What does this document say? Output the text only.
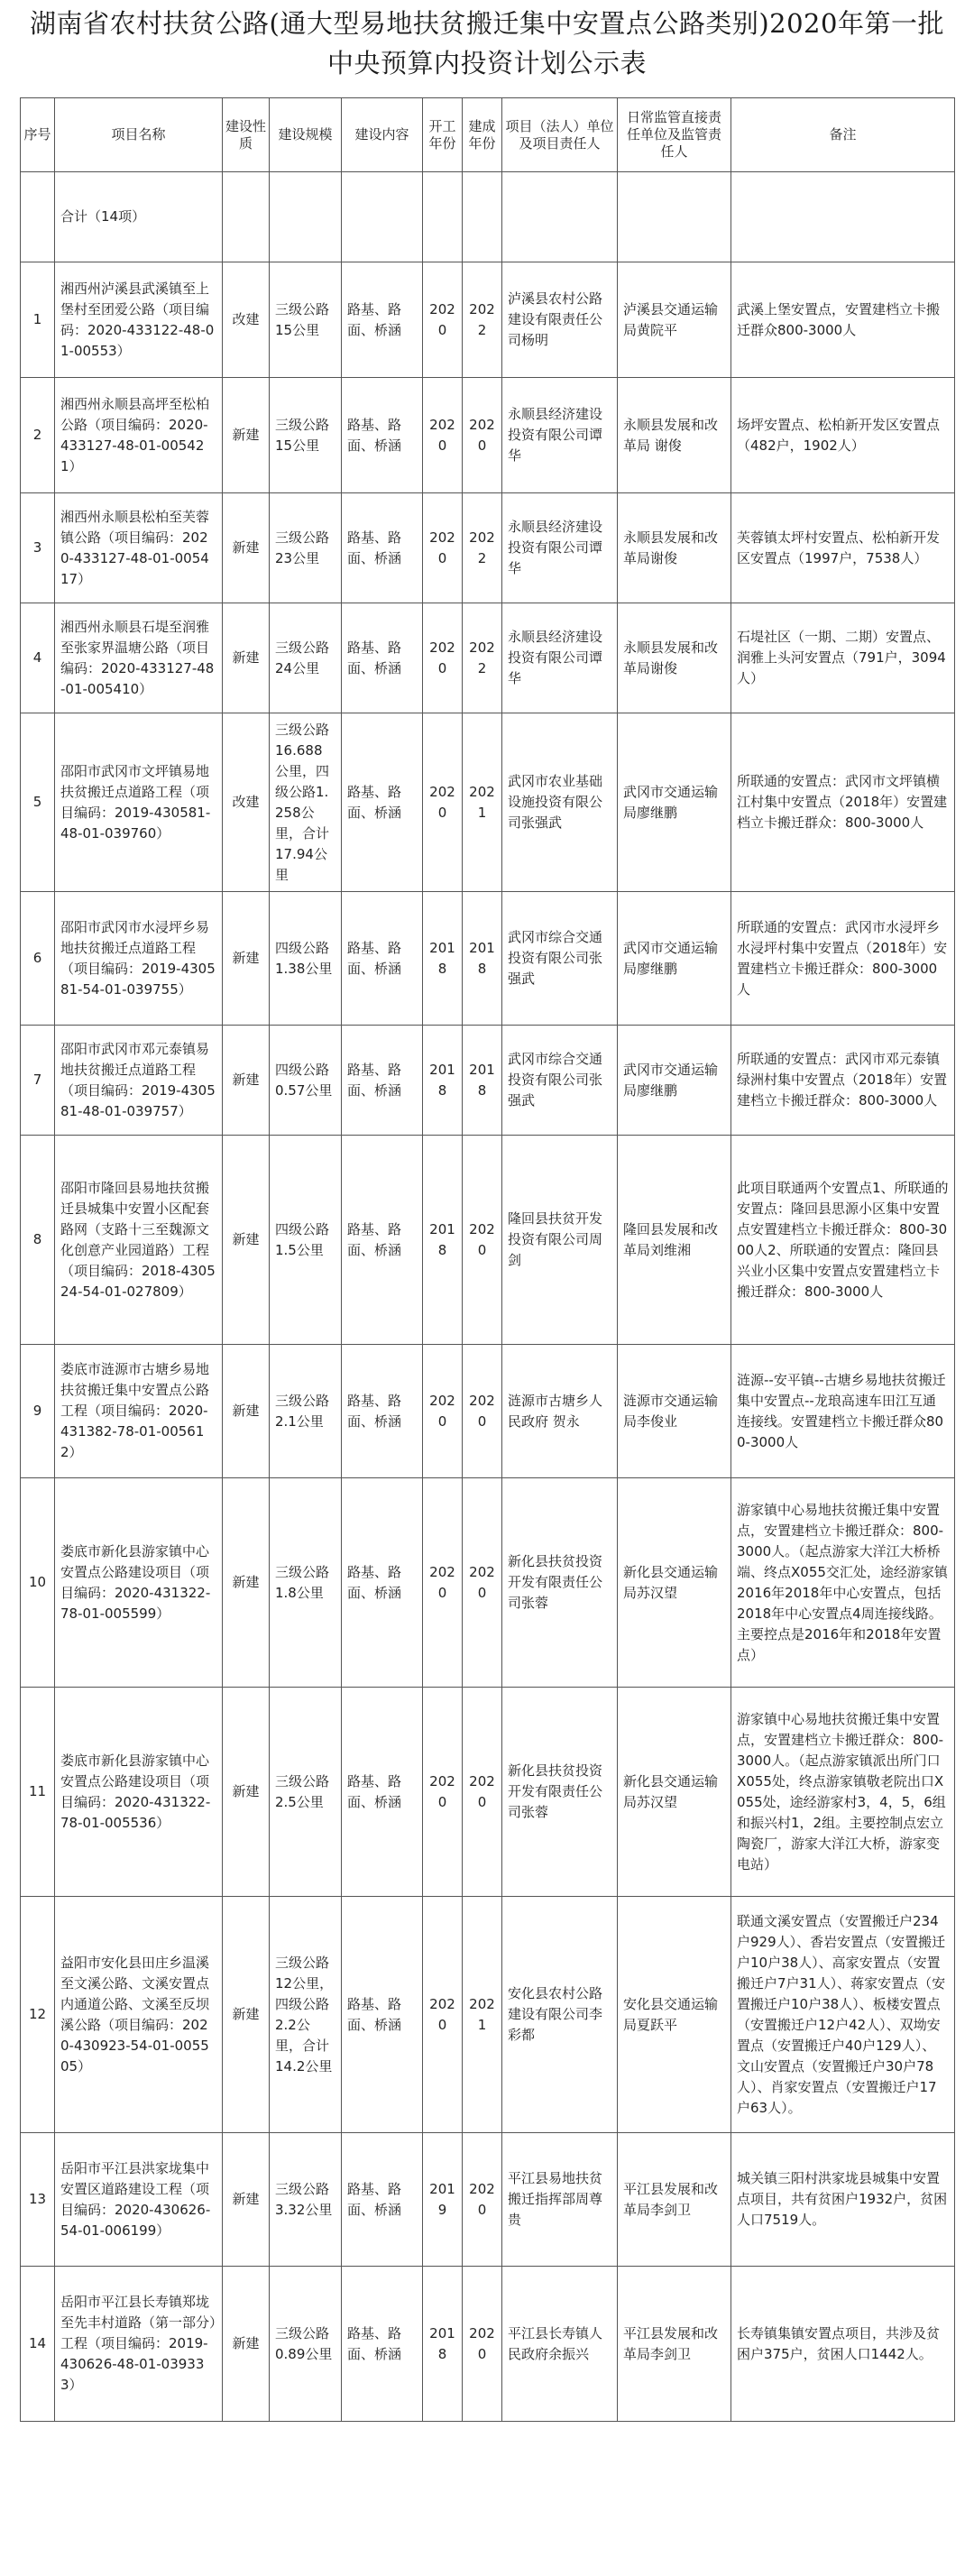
湖南省农村扶贫公路(通大型易地扶贫搬迁集中安置点公路类别)2020年第一批中央预算内投资计划公示表
序号	项目名称	建设性质	建设规模	建设内容	开工年份	建成年份	项目（法人）单位及项目责任人	日常监管直接责任单位及监管责任人	备注
	合计（14项）								
1	湘西州泸溪县武溪镇至上堡村至团爱公路（项目编码：2020-433122-48-01-00553）	改建	三级公路15公里	路基、路面、桥涵	2020	2022	泸溪县农村公路建设有限责任公司杨明	泸溪县交通运输局黄院平	武溪上堡安置点，安置建档立卡搬迁群众800-3000人
2	湘西州永顺县高坪至松柏公路（项目编码：2020-433127-48-01-005421）	新建	三级公路15公里	路基、路面、桥涵	2020	2020	永顺县经济建设投资有限公司谭华	永顺县发展和改革局 谢俊	场坪安置点、松柏新开发区安置点（482户，1902人）
3	湘西州永顺县松柏至芙蓉镇公路（项目编码：2020-433127-48-01-005417）	新建	三级公路23公里	路基、路面、桥涵	2020	2022	永顺县经济建设投资有限公司谭华	永顺县发展和改革局谢俊	芙蓉镇太坪村安置点、松柏新开发区安置点（1997户，7538人）
4	湘西州永顺县石堤至润雅至张家界温塘公路（项目编码：2020-433127-48-01-005410）	新建	三级公路24公里	路基、路面、桥涵	2020	2022	永顺县经济建设投资有限公司谭华	永顺县发展和改革局谢俊	石堤社区（一期、二期）安置点、润雅上头河安置点（791户，3094人）
5	邵阳市武冈市文坪镇易地扶贫搬迁点道路工程（项目编码：2019-430581-48-01-039760）	改建	三级公路16.688公里，四级公路1.258公里，合计17.94公里	路基、路面、桥涵	2020	2021	武冈市农业基础设施投资有限公司张强武	武冈市交通运输局廖继鹏	所联通的安置点：武冈市文坪镇横江村集中安置点（2018年）安置建档立卡搬迁群众：800-3000人
6	邵阳市武冈市水浸坪乡易地扶贫搬迁点道路工程（项目编码：2019-430581-54-01-039755）	新建	四级公路1.38公里	路基、路面、桥涵	2018	2018	武冈市综合交通投资有限公司张强武	武冈市交通运输局廖继鹏	所联通的安置点：武冈市水浸坪乡水浸坪村集中安置点（2018年）安置建档立卡搬迁群众：800-3000人
7	邵阳市武冈市邓元泰镇易地扶贫搬迁点道路工程（项目编码：2019-430581-48-01-039757）	新建	四级公路0.57公里	路基、路面、桥涵	2018	2018	武冈市综合交通投资有限公司张强武	武冈市交通运输局廖继鹏	所联通的安置点：武冈市邓元泰镇绿洲村集中安置点（2018年）安置建档立卡搬迁群众：800-3000人
8	邵阳市隆回县易地扶贫搬迁县城集中安置小区配套路网（支路十三至魏源文化创意产业园道路）工程（项目编码：2018-430524-54-01-027809）	新建	四级公路1.5公里	路基、路面、桥涵	2018	2020	隆回县扶贫开发投资有限公司周剑	隆回县发展和改革局刘维湘	此项目联通两个安置点1、所联通的安置点：隆回县思源小区集中安置点安置建档立卡搬迁群众：800-3000人2、所联通的安置点：隆回县兴业小区集中安置点安置建档立卡搬迁群众：800-3000人
9	娄底市涟源市古塘乡易地扶贫搬迁集中安置点公路工程（项目编码：2020-431382-78-01-005612）	新建	三级公路2.1公里	路基、路面、桥涵	2020	2020	涟源市古塘乡人民政府 贺永	涟源市交通运输局李俊业	涟源--安平镇--古塘乡易地扶贫搬迁集中安置点--龙琅高速车田江互通连接线。安置建档立卡搬迁群众800-3000人
10	娄底市新化县游家镇中心安置点公路建设项目（项目编码：2020-431322-78-01-005599）	新建	三级公路1.8公里	路基、路面、桥涵	2020	2020	新化县扶贫投资开发有限责任公司张蓉	新化县交通运输局苏汉望	游家镇中心易地扶贫搬迁集中安置点，安置建档立卡搬迁群众：800-3000人。（起点游家大洋江大桥桥端、终点X055交汇处，途经游家镇2016年2018年中心安置点，包括2018年中心安置点4周连接线路。主要控点是2016年和2018年安置点）
11	娄底市新化县游家镇中心安置点公路建设项目（项目编码：2020-431322-78-01-005536）	新建	三级公路2.5公里	路基、路面、桥涵	2020	2020	新化县扶贫投资开发有限责任公司张蓉	新化县交通运输局苏汉望	游家镇中心易地扶贫搬迁集中安置点，安置建档立卡搬迁群众：800-3000人。（起点游家镇派出所门口X055处，终点游家镇敬老院出口X055处，途经游家村3，4，5，6组和振兴村1，2组。主要控制点宏立陶瓷厂，游家大洋江大桥，游家变电站）
12	益阳市安化县田庄乡温溪至文溪公路、文溪安置点内通道公路、文溪至反坝溪公路（项目编码：2020-430923-54-01-005505）	新建	三级公路12公里，四级公路2.2公里，合计14.2公里	路基、路面、桥涵	2020	2021	安化县农村公路建设有限公司李彩都	安化县交通运输局夏跃平	联通文溪安置点（安置搬迁户234户929人）、香岩安置点（安置搬迁户10户38人）、高家安置点（安置搬迁户7户31人）、蒋家安置点（安置搬迁户10户38人）、板楼安置点（安置搬迁户12户42人）、双坳安置点（安置搬迁户40户129人）、文山安置点（安置搬迁户30户78人）、肖家安置点（安置搬迁户17户63人）。
13	岳阳市平江县洪家垅集中安置区道路建设工程（项目编码：2020-430626-54-01-006199）	新建	三级公路3.32公里	路基、路面、桥涵	2019	2020	平江县易地扶贫搬迁指挥部周尊贵	平江县发展和改革局李剑卫	城关镇三阳村洪家垅县城集中安置点项目，共有贫困户1932户，贫困人口7519人。
14	岳阳市平江县长寿镇郑垅至先丰村道路（第一部分）工程（项目编码：2019-430626-48-01-039333）	新建	三级公路0.89公里	路基、路面、桥涵	2018	2020	平江县长寿镇人民政府余振兴	平江县发展和改革局李剑卫	长寿镇集镇安置点项目，共涉及贫困户375户，贫困人口1442人。
